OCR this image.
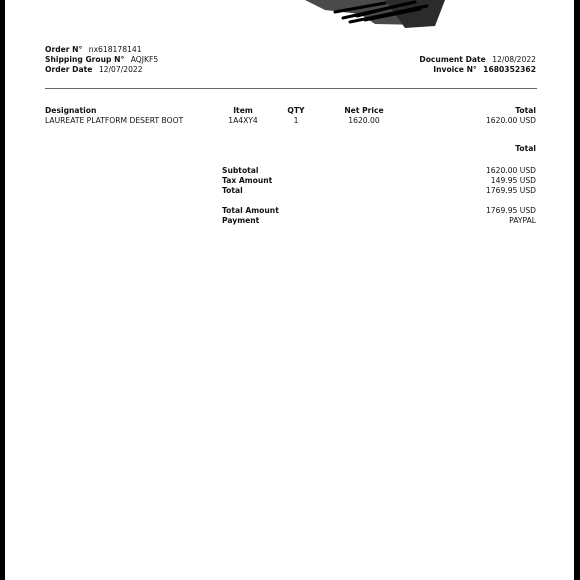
Order N° nx618178141
Shipping Group N° AQJKF5
Order Date 12/07/2022
Document Date 12/08/2022
Invoice N° 1680352362
Designation	Item	QTY	Net Price	Total
LAUREATE PLATFORM DESERT BOOT	1A4XY4	1	1620.00	1620.00 USD
Total
Subtotal	1620.00 USD
Tax Amount	149.95 USD
Total	1769.95 USD
Total Amount	1769.95 USD
Payment	PAYPAL
